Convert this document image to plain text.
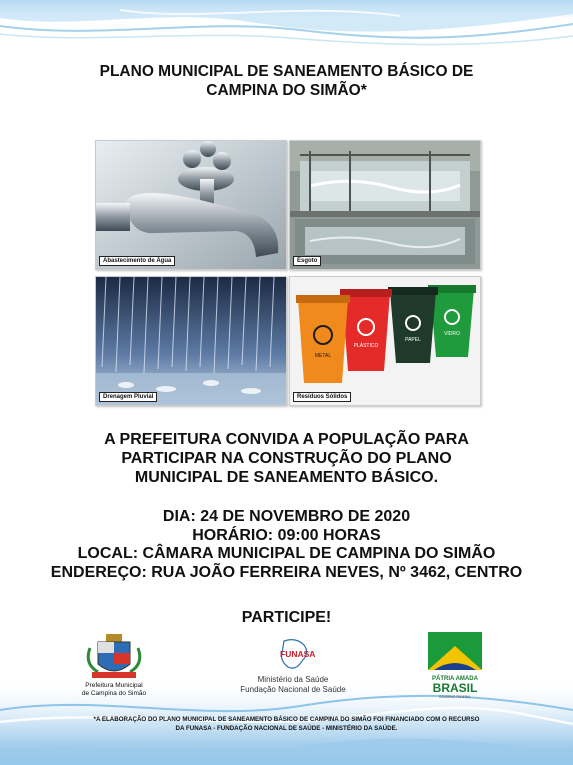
PLANO MUNICIPAL DE SANEAMENTO BÁSICO DE
CAMPINA DO SIMÃO*
Abastecimento de Água	Esgoto
Drenagem Pluvial
METAL
PLÁSTICO
PAPEL
VIDRO
Resíduos Sólidos
A PREFEITURA CONVIDA A POPULAÇÃO PARA
PARTICIPAR NA CONSTRUÇÃO DO PLANO
MUNICIPAL DE SANEAMENTO BÁSICO.
DIA: 24 DE NOVEMBRO DE 2020
HORÁRIO: 09:00 HORAS
LOCAL: CÂMARA MUNICIPAL DE CAMPINA DO SIMÃO
ENDEREÇO: RUA JOÃO FERREIRA NEVES, Nº 3462, CENTRO
PARTICIPE!
Prefeitura Municipal
de Campina do Simão
FUNASA
Ministério da Saúde
Fundação Nacional de Saúde
PÁTRIA AMADA
BRASIL
GOVERNO FEDERAL
*A ELABORAÇÃO DO PLANO MUNICIPAL DE SANEAMENTO BÁSICO DE CAMPINA DO SIMÃO FOI FINANCIADO COM O RECURSO
DA FUNASA - FUNDAÇÃO NACIONAL DE SAÚDE - MINISTÉRIO DA SAÚDE.
